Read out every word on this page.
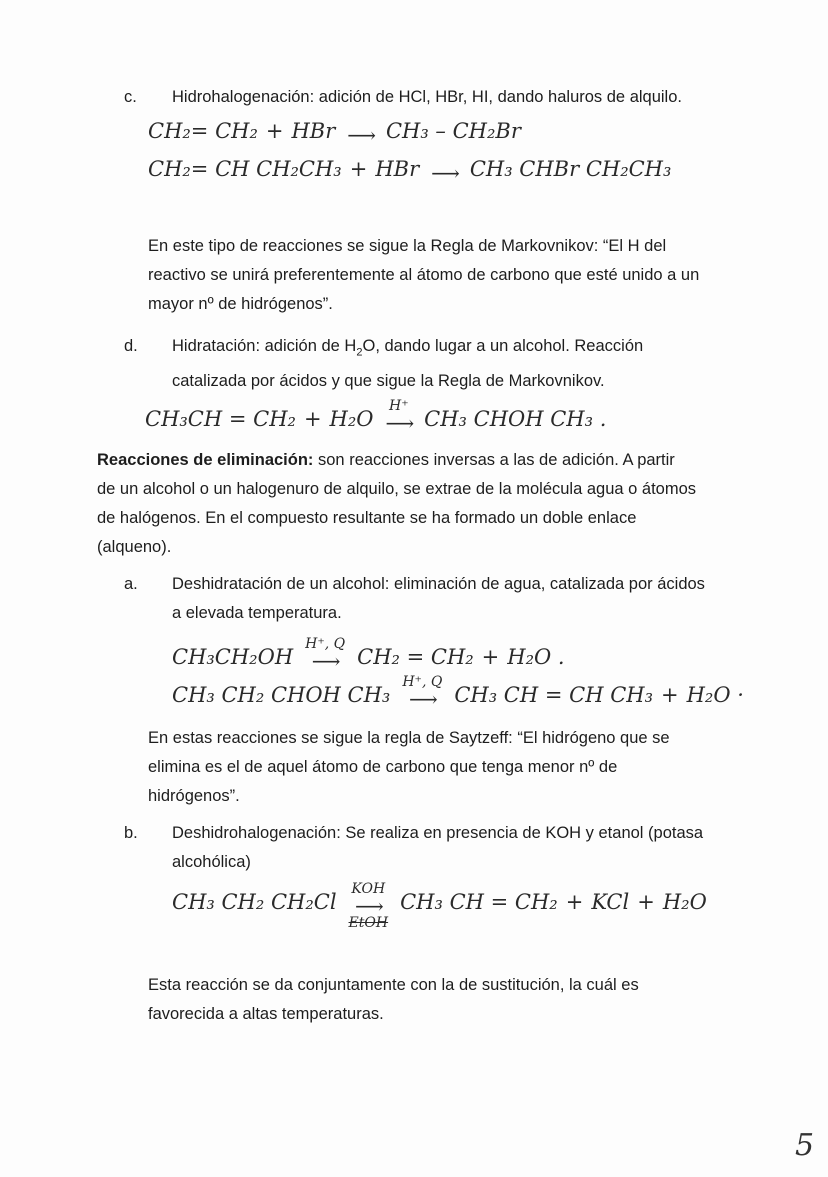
c. Hidrohalogenación: adición de HCl, HBr, HI, dando haluros de alquilo.
CH₂= CH₂ + HBr ⟶ CH₃ – CH₂Br
CH₂= CH CH₂CH₃ + HBr ⟶ CH₃ CHBr CH₂CH₃
En este tipo de reacciones se sigue la Regla de Markovnikov: “El H del reactivo se unirá preferentemente al átomo de carbono que esté unido a un mayor nº de hidrógenos”.
d. Hidratación: adición de $H_2O$, dando lugar a un alcohol. Reacción catalizada por ácidos y que sigue la Regla de Markovnikov.
CH₃CH = CH₂ + H₂O
H⁺
⟶ CH₃ CHOH CH₃ .
Reacciones de eliminación: son reacciones inversas a las de adición. A partir de un alcohol o un halogenuro de alquilo, se extrae de la molécula agua o átomos de halógenos. En el compuesto resultante se ha formado un doble enlace (alqueno).
a. Deshidratación de un alcohol: eliminación de agua, catalizada por ácidos a elevada temperatura.
CH₃CH₂OH
H⁺, Q
⟶ CH₂ = CH₂ + H₂O .
CH₃ CH₂ CHOH CH₃
H⁺, Q
⟶ CH₃ CH = CH CH₃ + H₂O ·
En estas reacciones se sigue la regla de Saytzeff: “El hidrógeno que se elimina es el de aquel átomo de carbono que tenga menor nº de hidrógenos”.
b. Deshidrohalogenación: Se realiza en presencia de KOH y etanol (potasa alcohólica)
CH₃ CH₂ CH₂Cl
KOH
⟶
EtOH
CH₃ CH = CH₂ + KCl + H₂O
Esta reacción se da conjuntamente con la de sustitución, la cuál es favorecida a altas temperaturas.
5
